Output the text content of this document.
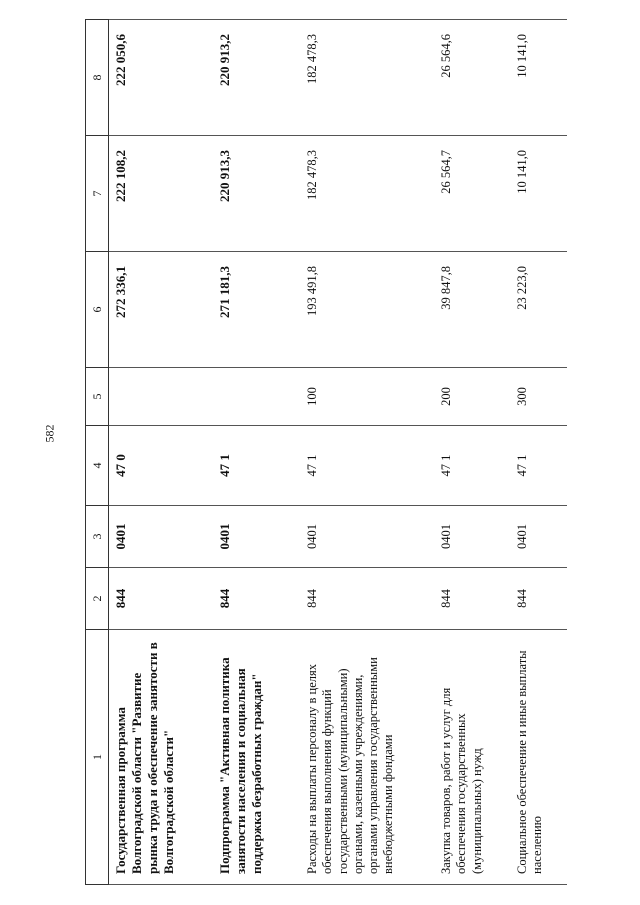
582
1	2	3	4	5	6	7	8
Государственная программа Волгоградской области "Развитие рынка труда и обеспечение занятости в Волгоградской области"	844	0401	47 0		272 336,1	222 108,2	222 050,6
Подпрограмма "Активная политика занятости населения и социальная поддержка безработных граждан"	844	0401	47 1		271 181,3	220 913,3	220 913,2
Расходы на выплаты персоналу в целях обеспечения выполнения функций государственными (муниципальными) органами, казенными учреждениями, органами управления государственными внебюджетными фондами	844	0401	47 1	100	193 491,8	182 478,3	182 478,3
Закупка товаров, работ и услуг для обеспечения государственных (муниципальных) нужд	844	0401	47 1	200	39 847,8	26 564,7	26 564,6
Социальное обеспечение и иные выплаты населению	844	0401	47 1	300	23 223,0	10 141,0	10 141,0
